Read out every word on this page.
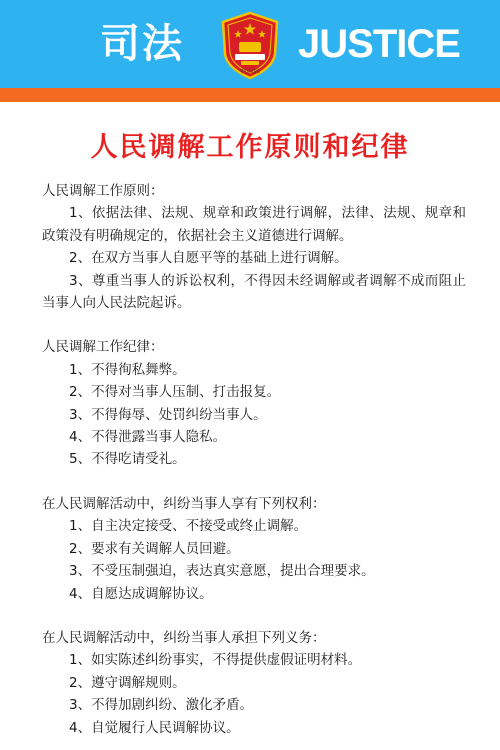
司法
中国司法
JUSTICE
人民调解工作原则和纪律
人民调解工作原则：
1、依据法律、法规、规章和政策进行调解，法律、法规、规章和政策没有明确规定的，依据社会主义道德进行调解。
2、在双方当事人自愿平等的基础上进行调解。
3、尊重当事人的诉讼权利，不得因未经调解或者调解不成而阻止当事人向人民法院起诉。
人民调解工作纪律：
1、不得徇私舞弊。
2、不得对当事人压制、打击报复。
3、不得侮辱、处罚纠纷当事人。
4、不得泄露当事人隐私。
5、不得吃请受礼。
在人民调解活动中，纠纷当事人享有下列权利：
1、自主决定接受、不接受或终止调解。
2、要求有关调解人员回避。
3、不受压制强迫，表达真实意愿，提出合理要求。
4、自愿达成调解协议。
在人民调解活动中，纠纷当事人承担下列义务：
1、如实陈述纠纷事实，不得提供虚假证明材料。
2、遵守调解规则。
3、不得加剧纠纷、激化矛盾。
4、自觉履行人民调解协议。
